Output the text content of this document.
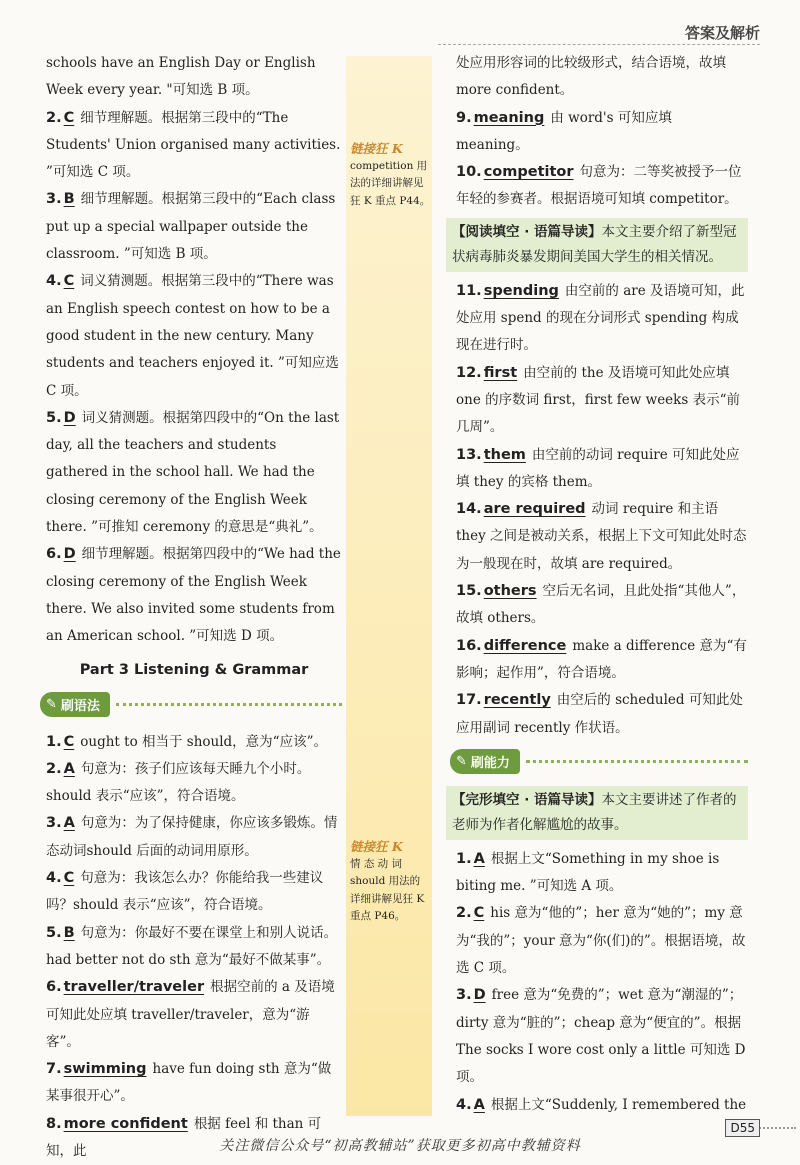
答案及解析
链接狂 K
competition 用法的详细讲解见狂 K 重点 P44。
链接狂 K
情 态 动 词 should 用法的详细讲解见狂 K 重点 P46。

schools have an English Day or English Week every year. "可知选 B 项。

2. C 细节理解题。根据第三段中的“The Students' Union organised many activities. ”可知选 C 项。
3. B 细节理解题。根据第三段中的“Each class put up a special wallpaper outside the classroom. ”可知选 B 项。
4. C 词义猜测题。根据第三段中的“There was an English speech contest on how to be a good student in the new century. Many students and teachers enjoyed it. ”可知应选 C 项。
5. D 词义猜测题。根据第四段中的“On the last day, all the teachers and students gathered in the school hall. We had the closing ceremony of the English Week there. ”可推知 ceremony 的意思是“典礼”。
6. D 细节理解题。根据第四段中的“We had the closing ceremony of the English Week there. We also invited some students from an American school. ”可知选 D 项。
Part 3 Listening & Grammar
✎ 刷语法
1. C ought to 相当于 should，意为“应该”。
2. A 句意为：孩子们应该每天睡九个小时。should 表示“应该”，符合语境。
3. A 句意为：为了保持健康，你应该多锻炼。情态动词should 后面的动词用原形。
4. C 句意为：我该怎么办？你能给我一些建议吗？should 表示“应该”，符合语境。
5. B 句意为：你最好不要在课堂上和别人说话。had better not do sth 意为“最好不做某事”。
6. traveller/traveler 根据空前的 a 及语境可知此处应填 traveller/traveler，意为“游客”。
7. swimming have fun doing sth 意为“做某事很开心”。
8. more confident 根据 feel 和 than 可知，此

处应用形容词的比较级形式，结合语境，故填 more confident。

9. meaning 由 word's 可知应填 meaning。
10. competitor 句意为：二等奖被授予一位年轻的参赛者。根据语境可知填 competitor。
【阅读填空 · 语篇导读】本文主要介绍了新型冠状病毒肺炎暴发期间美国大学生的相关情况。
11. spending 由空前的 are 及语境可知，此处应用 spend 的现在分词形式 spending 构成现在进行时。
12. first 由空前的 the 及语境可知此处应填 one 的序数词 first，first few weeks 表示“前几周”。
13. them 由空前的动词 require 可知此处应填 they 的宾格 them。
14. are required 动词 require 和主语 they 之间是被动关系，根据上下文可知此处时态为一般现在时，故填 are required。
15. others 空后无名词，且此处指“其他人”，故填 others。
16. difference make a difference 意为“有影响；起作用”，符合语境。
17. recently 由空后的 scheduled 可知此处应用副词 recently 作状语。
✎ 刷能力
【完形填空 · 语篇导读】本文主要讲述了作者的老师为作者化解尴尬的故事。
1. A 根据上文“Something in my shoe is biting me. ”可知选 A 项。
2. C his 意为“他的”；her 意为“她的”；my 意为“我的”；your 意为“你(们)的”。根据语境，故选 C 项。
3. D free 意为“免费的”；wet 意为“潮湿的”；dirty 意为“脏的”；cheap 意为“便宜的”。根据 The socks I wore cost only a little 可知选 D 项。
4. A 根据上文“Suddenly, I remembered the
D55
关注微信公众号“初高教辅站”获取更多初高中教辅资料
